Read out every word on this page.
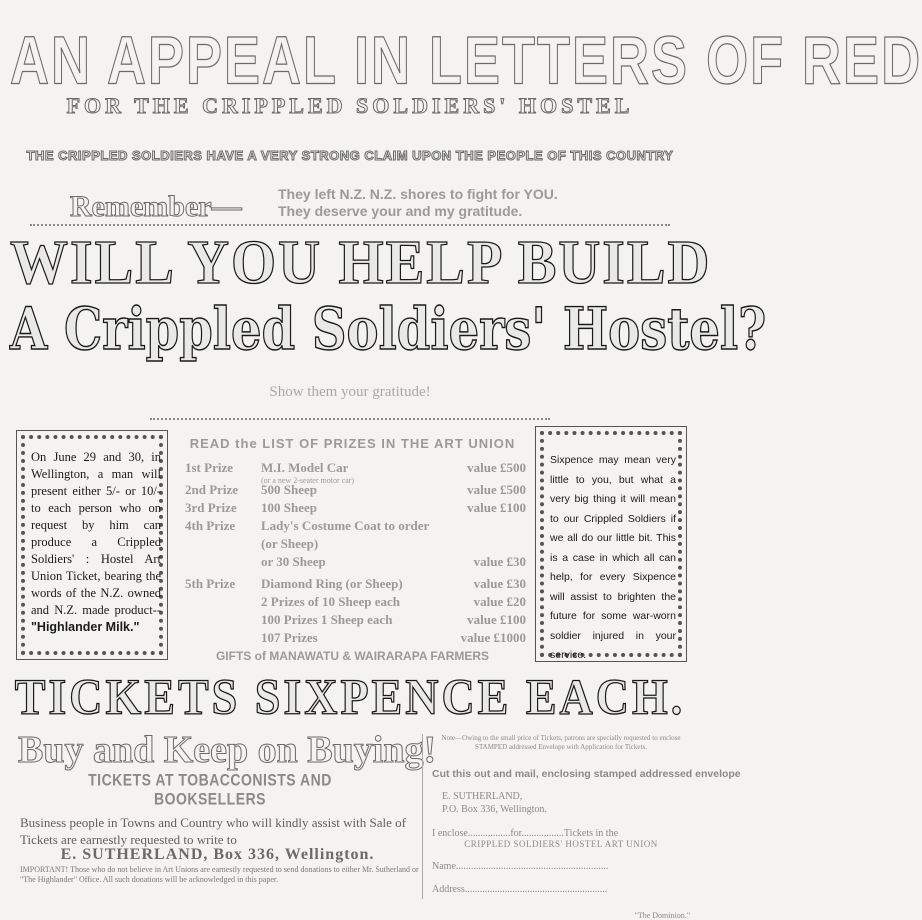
AN APPEAL IN LETTERS OF RED
FOR THE CRIPPLED SOLDIERS' HOSTEL
THE CRIPPLED SOLDIERS HAVE A VERY STRONG CLAIM UPON THE PEOPLE OF THIS COUNTRY
Remember—	They left N.Z. N.Z. shores to fight for YOU.
They deserve your and my gratitude.
WILL YOU HELP BUILD
A Crippled Soldiers' Hostel?
Show them your gratitude!
On June 29 and 30, in Wellington, a man will present either 5/- or 10/- to each person who on request by him can produce a Crippled Soldiers' : Hostel Art Union Ticket, bearing the words of the N.Z. owned and N.Z. made product-- "Highlander Milk."
READ the LIST OF PRIZES IN THE ART UNION
1st Prize M.I. Model Car	value £500
(or a new 2-seater motor car)
2nd Prize 500 Sheep	value £500
3rd Prize 100 Sheep	value £100
4th Prize Lady's Costume Coat to order
(or Sheep)
or 30 Sheep	value £30
5th Prize Diamond Ring (or Sheep)	value £30
2 Prizes of 10 Sheep each	value £20
100 Prizes 1 Sheep each	value £100
107 Prizes	value £1000
GIFTS of MANAWATU & WAIRARAPA FARMERS
Sixpence may mean very little to you, but what a very big thing it will mean to our Crippled Soldiers if we all do our little bit. This is a case in which all can help, for every Sixpence will assist to brighten the future for some war-worn soldier injured in your service.
TICKETS SIXPENCE EACH.
Buy and Keep on Buying!
TICKETS AT TOBACCONISTS AND BOOKSELLERS
Business people in Towns and Country who will kindly assist with Sale of Tickets are earnestly requested to write to
E. SUTHERLAND, Box 336, Wellington.
IMPORTANT! Those who do not believe in Art Unions are earnestly requested to send donations to either Mr. Sutherland or "The Highlander" Office. All such donations will be acknowledged in this paper.
Note—Owing to the small price of Tickets, patrons are specially requested to enclose STAMPED addressed Envelope with Application for Tickets.
Cut this out and mail, enclosing stamped addressed envelope
E. SUTHERLAND,
P.O. Box 336, Wellington.
I enclose.................for.................Tickets in the
CRIPPLED SOLDIERS' HOSTEL ART UNION
Name.............................................................
Address.........................................................
"The Dominion."
